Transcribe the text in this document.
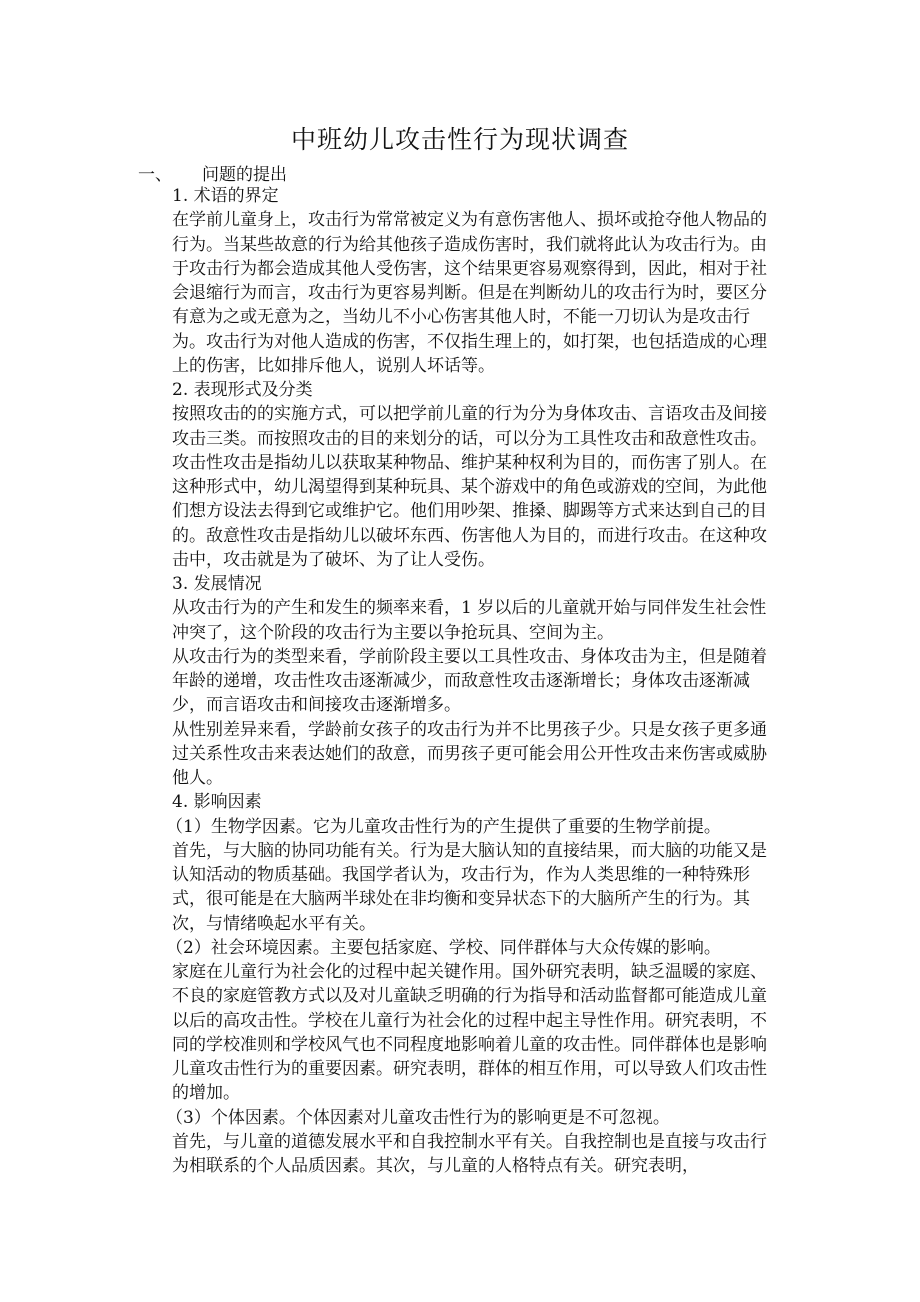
中班幼儿攻击性行为现状调查
一、 问题的提出

1. 术语的界定

在学前儿童身上，攻击行为常常被定义为有意伤害他人、损坏或抢夺他人物品的行为。当某些故意的行为给其他孩子造成伤害时，我们就将此认为攻击行为。由于攻击行为都会造成其他人受伤害，这个结果更容易观察得到，因此，相对于社会退缩行为而言，攻击行为更容易判断。但是在判断幼儿的攻击行为时，要区分有意为之或无意为之，当幼儿不小心伤害其他人时，不能一刀切认为是攻击行为。攻击行为对他人造成的伤害，不仅指生理上的，如打架，也包括造成的心理上的伤害，比如排斥他人，说别人坏话等。

2. 表现形式及分类

按照攻击的的实施方式，可以把学前儿童的行为分为身体攻击、言语攻击及间接攻击三类。而按照攻击的目的来划分的话，可以分为工具性攻击和敌意性攻击。攻击性攻击是指幼儿以获取某种物品、维护某种权利为目的，而伤害了别人。在这种形式中，幼儿渴望得到某种玩具、某个游戏中的角色或游戏的空间，为此他们想方设法去得到它或维护它。他们用吵架、推搡、脚踢等方式来达到自己的目的。敌意性攻击是指幼儿以破坏东西、伤害他人为目的，而进行攻击。在这种攻击中，攻击就是为了破坏、为了让人受伤。

3. 发展情况

从攻击行为的产生和发生的频率来看，1 岁以后的儿童就开始与同伴发生社会性冲突了，这个阶段的攻击行为主要以争抢玩具、空间为主。

从攻击行为的类型来看，学前阶段主要以工具性攻击、身体攻击为主，但是随着年龄的递增，攻击性攻击逐渐减少，而敌意性攻击逐渐增长；身体攻击逐渐减少，而言语攻击和间接攻击逐渐增多。

从性别差异来看，学龄前女孩子的攻击行为并不比男孩子少。只是女孩子更多通过关系性攻击来表达她们的敌意，而男孩子更可能会用公开性攻击来伤害或威胁他人。

4. 影响因素

（1）生物学因素。它为儿童攻击性行为的产生提供了重要的生物学前提。

首先，与大脑的协同功能有关。行为是大脑认知的直接结果，而大脑的功能又是认知活动的物质基础。我国学者认为，攻击行为，作为人类思维的一种特殊形式，很可能是在大脑两半球处在非均衡和变异状态下的大脑所产生的行为。其次，与情绪唤起水平有关。

（2）社会环境因素。主要包括家庭、学校、同伴群体与大众传媒的影响。

家庭在儿童行为社会化的过程中起关键作用。国外研究表明，缺乏温暖的家庭、不良的家庭管教方式以及对儿童缺乏明确的行为指导和活动监督都可能造成儿童以后的高攻击性。学校在儿童行为社会化的过程中起主导性作用。研究表明，不同的学校准则和学校风气也不同程度地影响着儿童的攻击性。同伴群体也是影响儿童攻击性行为的重要因素。研究表明，群体的相互作用，可以导致人们攻击性的增加。

（3）个体因素。个体因素对儿童攻击性行为的影响更是不可忽视。

首先，与儿童的道德发展水平和自我控制水平有关。自我控制也是直接与攻击行为相联系的个人品质因素。其次，与儿童的人格特点有关。研究表明，
